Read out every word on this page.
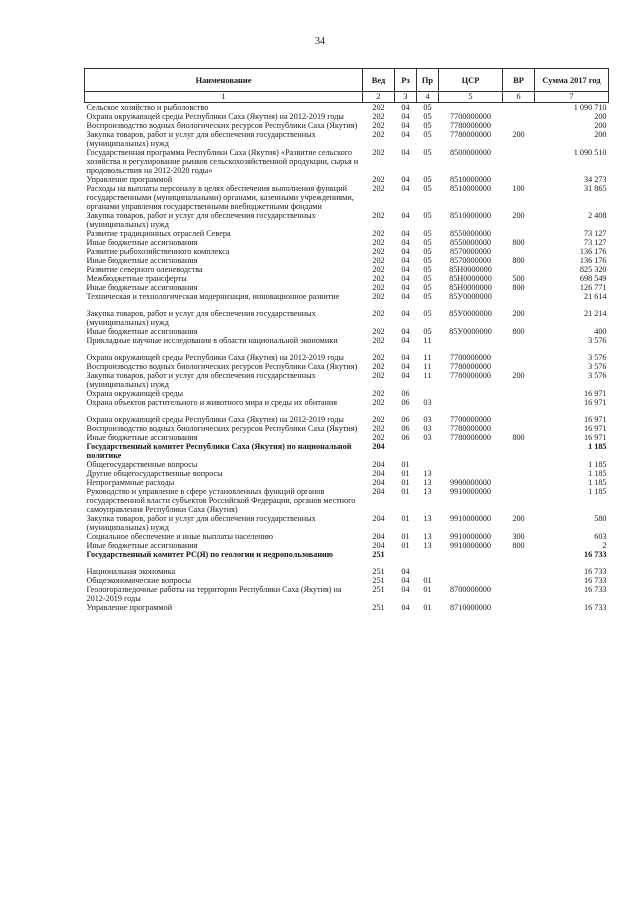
34
Наименование	Вед	Рз	Пр	ЦСР	ВР	Сумма 2017 год
1	2	3	4	5	6	7
Сельское хозяйство и рыболовство	202	04	05			1 090 710
Охрана окружающей среды Республики Саха (Якутия) на 2012-2019 годы	202	04	05	7700000000		200
Воспроизводство водных биологических ресурсов Республики Саха (Якутия)	202	04	05	7780000000		200
Закупка товаров, работ и услуг для обеспечения государственных (муниципальных) нужд	202	04	05	7780000000	200	200
Государственная программа Республики Саха (Якутия) «Развитие сельского хозяйства и регулирование рынков сельскохозяйственной продукции, сырья и продовольствия на 2012-2020 годы»	202	04	05	8500000000		1 090 510
Управление программой	202	04	05	8510000000		34 273
Расходы на выплаты персоналу в целях обеспечения выполнения функций государственными (муниципальными) органами, казенными учреждениями, органами управления государственными внебюджетными фондами	202	04	05	8510000000	100	31 865
Закупка товаров, работ и услуг для обеспечения государственных (муниципальных) нужд	202	04	05	8510000000	200	2 408
Развитие традиционных отраслей Севера	202	04	05	8550000000		73 127
Иные бюджетные ассигнования	202	04	05	8550000000	800	73 127
Развитие рыбохозяйственного комплекса	202	04	05	8570000000		136 176
Иные бюджетные ассигнования	202	04	05	8570000000	800	136 176
Развитие северного оленеводства	202	04	05	85H0000000		825 320
Межбюджетные трансферты	202	04	05	85H0000000	500	698 549
Иные бюджетные ассигнования	202	04	05	85H0000000	800	126 771
Техническая и технологическая модернизация, инновационное развитие	202	04	05	85У0000000		21 614

Закупка товаров, работ и услуг для обеспечения государственных (муниципальных) нужд	202	04	05	85У0000000	200	21 214
Иные бюджетные ассигнования	202	04	05	85У0000000	800	400
Прикладные научные исследования в области национальной экономики	202	04	11			3 576

Охрана окружающей среды Республики Саха (Якутия) на 2012-2019 годы	202	04	11	7700000000		3 576
Воспроизводство водных биологических ресурсов Республики Саха (Якутия)	202	04	11	7780000000		3 576
Закупка товаров, работ и услуг для обеспечения государственных (муниципальных) нужд	202	04	11	7780000000	200	3 576
Охрана окружающей среды	202	06				16 971
Охрана объектов растительного и животного мира и среды их обитания	202	06	03			16 971

Охрана окружающей среды Республики Саха (Якутия) на 2012-2019 годы	202	06	03	7700000000		16 971
Воспроизводство водных биологических ресурсов Республики Саха (Якутия)	202	06	03	7780000000		16 971
Иные бюджетные ассигнования	202	06	03	7780000000	800	16 971
Государственный комитет Республики Саха (Якутия) по национальной политике	204					1 185
Общегосударственные вопросы	204	01				1 185
Другие общегосударственные вопросы	204	01	13			1 185
Непрограммные расходы	204	01	13	9900000000		1 185
Руководство и управление в сфере установленных функций органов государственной власти субъектов Российской Федерации, органов местного самоуправления Республики Саха (Якутия)	204	01	13	9910000000		1 185
Закупка товаров, работ и услуг для обеспечения государственных (муниципальных) нужд	204	01	13	9910000000	200	580
Социальное обеспечение и иные выплаты населению	204	01	13	9910000000	300	603
Иные бюджетные ассигнования	204	01	13	9910000000	800	2
Государственный комитет РС(Я) по геологии и недропользованию	251					16 733

Национальная экономика	251	04				16 733
Общеэкономические вопросы	251	04	01			16 733
Геологоразведочные работы на территории Республики Саха (Якутия) на 2012-2019 годы	251	04	01	8700000000		16 733
Управление программой	251	04	01	8710000000		16 733
